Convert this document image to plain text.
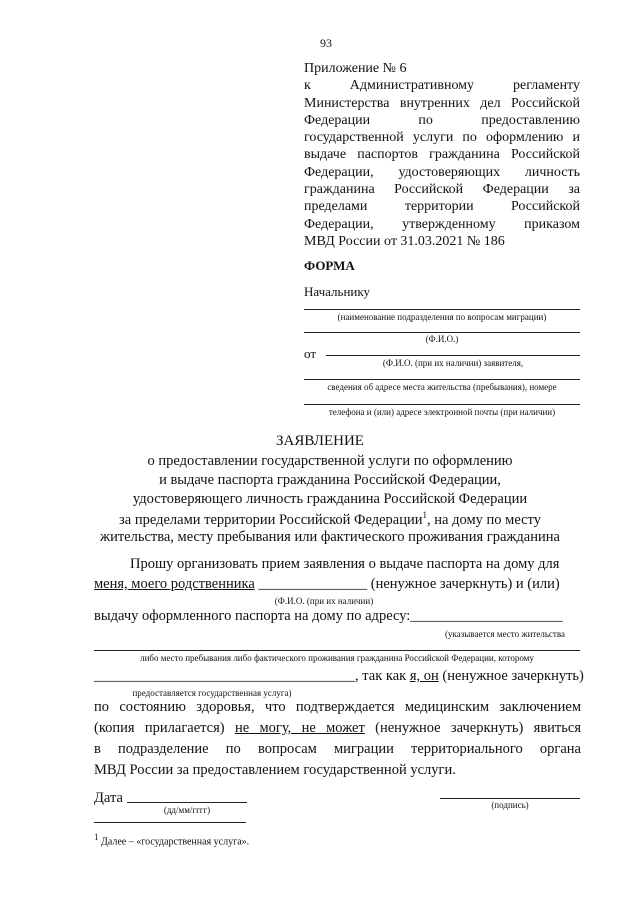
93
Приложение № 6
к Административному регламенту
Министерства внутренних дел Российской
Федерации по предоставлению
государственной услуги по оформлению и
выдаче паспортов гражданина Российской
Федерации, удостоверяющих личность
гражданина Российской Федерации за
пределами территории Российской
Федерации, утвержденному приказом
МВД России от 31.03.2021 № 186
ФОРМА
Начальнику
(наименование подразделения по вопросам миграции)
(Ф.И.О.)
от
(Ф.И.О. (при их наличии) заявителя,
сведения об адресе места жительства (пребывания), номере
телефона и (или) адресе электронной почты (при наличии)
ЗАЯВЛЕНИЕ
о предоставлении государственной услуги по оформлению
и выдаче паспорта гражданина Российской Федерации,
удостоверяющего личность гражданина Российской Федерации
за пределами территории Российской Федерации$^1$, на дому по месту
жительства, месту пребывания или фактического проживания гражданина
Прошу организовать прием заявления о выдаче паспорта на дому для
меня, моего родственника _______________ (ненужное зачеркнуть) и (или)
(Ф.И.О. (при их наличии)
выдачу оформленного паспорта на дому по адресу:_____________________
(указывается место жительства
либо место пребывания либо фактического проживания гражданина Российской Федерации, которому
____________________________________, так как я, он (ненужное зачеркнуть)
предоставляется государственная услуга)
по состоянию здоровья, что подтверждается медицинским заключением
(копия прилагается) не могу, не может (ненужное зачеркнуть) явиться
в подразделение по вопросам миграции территориального органа
МВД России за предоставлением государственной услуги.
Дата
(дд/мм/гггг)	(подпись)
1 Далее – «государственная услуга».
